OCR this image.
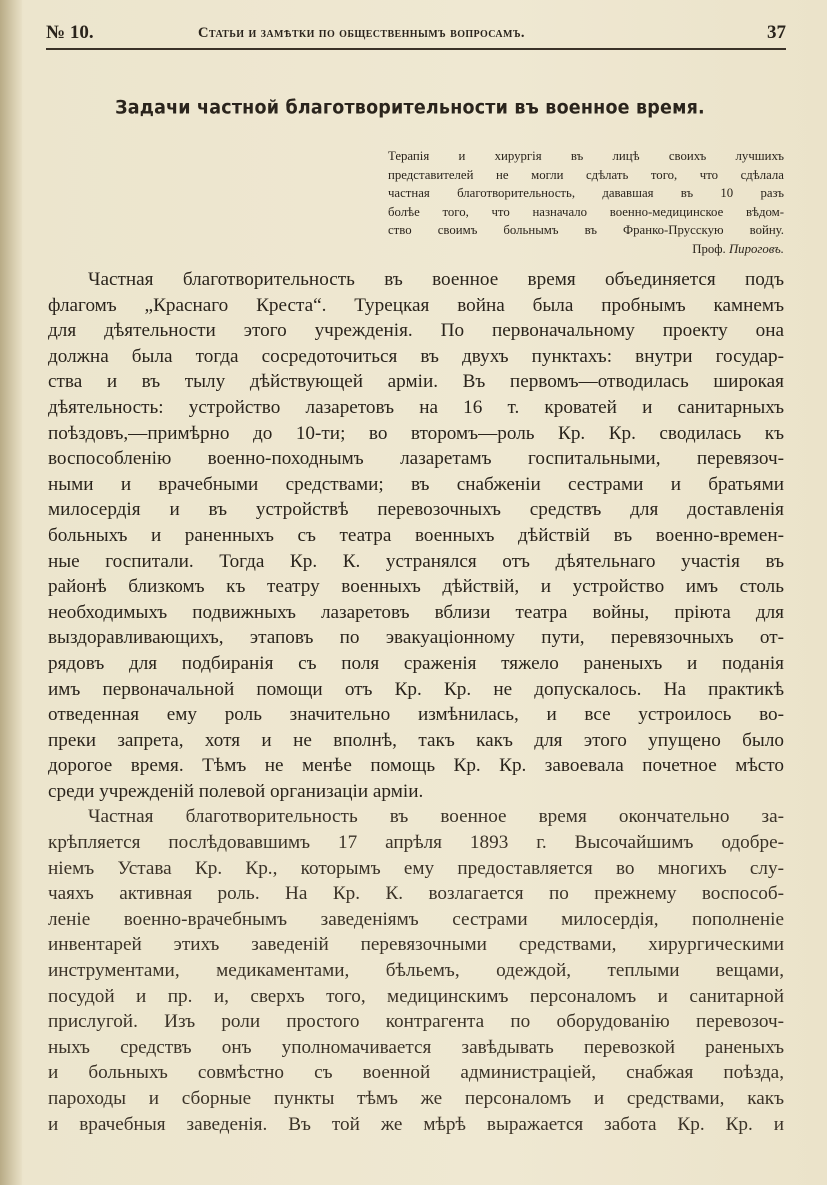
№ 10.	Статьи и замѣтки по общественнымъ вопросамъ.	37
Задачи частной благотворительности въ военное время.
Терапія и хирургія въ лицѣ своихъ лучшихъ
представителей не могли сдѣлать того, что сдѣлала
частная благотворительность, дававшая въ 10 разъ
болѣе того, что назначало военно-медицинское вѣдом-
ство своимъ больнымъ въ Франко-Прусскую войну.
Проф. Пироговъ.
Частная благотворительность въ военное время объединяется подъ
флагомъ „Краснаго Креста“. Турецкая война была пробнымъ камнемъ
для дѣятельности этого учрежденія. По первоначальному проекту она
должна была тогда сосредоточиться въ двухъ пунктахъ: внутри государ-
ства и въ тылу дѣйствующей арміи. Въ первомъ—отводилась широкая
дѣятельность: устройство лазаретовъ на 16 т. кроватей и санитарныхъ
поѣздовъ,—примѣрно до 10-ти; во второмъ—роль Кр. Кр. сводилась къ
воспособленію военно-походнымъ лазаретамъ госпитальными, перевязоч-
ными и врачебными средствами; въ снабженіи сестрами и братьями
милосердія и въ устройствѣ перевозочныхъ средствъ для доставленія
больныхъ и раненныхъ съ театра военныхъ дѣйствій въ военно-времен-
ные госпитали. Тогда Кр. К. устранялся отъ дѣятельнаго участія въ
районѣ близкомъ къ театру военныхъ дѣйствій, и устройство имъ столь
необходимыхъ подвижныхъ лазаретовъ вблизи театра войны, пріюта для
выздоравливающихъ, этаповъ по эвакуаціонному пути, перевязочныхъ от-
рядовъ для подбиранія съ поля сраженія тяжело раненыхъ и поданія
имъ первоначальной помощи отъ Кр. Кр. не допускалось. На практикѣ
отведенная ему роль значительно измѣнилась, и все устроилось во-
преки запрета, хотя и не вполнѣ, такъ какъ для этого упущено было
дорогое время. Тѣмъ не менѣе помощь Кр. Кр. завоевала почетное мѣсто
среди учрежденій полевой организаціи арміи.
Частная благотворительность въ военное время окончательно за-
крѣпляется послѣдовавшимъ 17 апрѣля 1893 г. Высочайшимъ одобре-
ніемъ Устава Кр. Кр., которымъ ему предоставляется во многихъ слу-
чаяхъ активная роль. На Кр. К. возлагается по прежнему воспособ-
леніе военно-врачебнымъ заведеніямъ сестрами милосердія, пополненіе
инвентарей этихъ заведеній перевязочными средствами, хирургическими
инструментами, медикаментами, бѣльемъ, одеждой, теплыми вещами,
посудой и пр. и, сверхъ того, медицинскимъ персоналомъ и санитарной
прислугой. Изъ роли простого контрагента по оборудованію перевозоч-
ныхъ средствъ онъ уполномачивается завѣдывать перевозкой раненыхъ
и больныхъ совмѣстно съ военной администраціей, снабжая поѣзда,
пароходы и сборные пункты тѣмъ же персоналомъ и средствами, какъ
и врачебныя заведенія. Въ той же мѣрѣ выражается забота Кр. Кр. и
